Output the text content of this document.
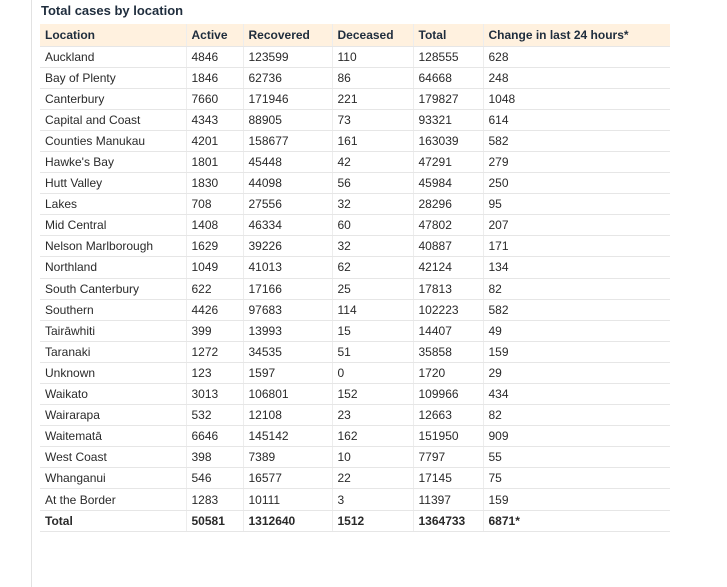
Total cases by location
Location	Active	Recovered	Deceased	Total	Change in last 24 hours*
Auckland	4846	123599	110	128555	628
Bay of Plenty	1846	62736	86	64668	248
Canterbury	7660	171946	221	179827	1048
Capital and Coast	4343	88905	73	93321	614
Counties Manukau	4201	158677	161	163039	582
Hawke's Bay	1801	45448	42	47291	279
Hutt Valley	1830	44098	56	45984	250
Lakes	708	27556	32	28296	95
Mid Central	1408	46334	60	47802	207
Nelson Marlborough	1629	39226	32	40887	171
Northland	1049	41013	62	42124	134
South Canterbury	622	17166	25	17813	82
Southern	4426	97683	114	102223	582
Tairāwhiti	399	13993	15	14407	49
Taranaki	1272	34535	51	35858	159
Unknown	123	1597	0	1720	29
Waikato	3013	106801	152	109966	434
Wairarapa	532	12108	23	12663	82
Waitematā	6646	145142	162	151950	909
West Coast	398	7389	10	7797	55
Whanganui	546	16577	22	17145	75
At the Border	1283	10111	3	11397	159
Total	50581	1312640	1512	1364733	6871*
